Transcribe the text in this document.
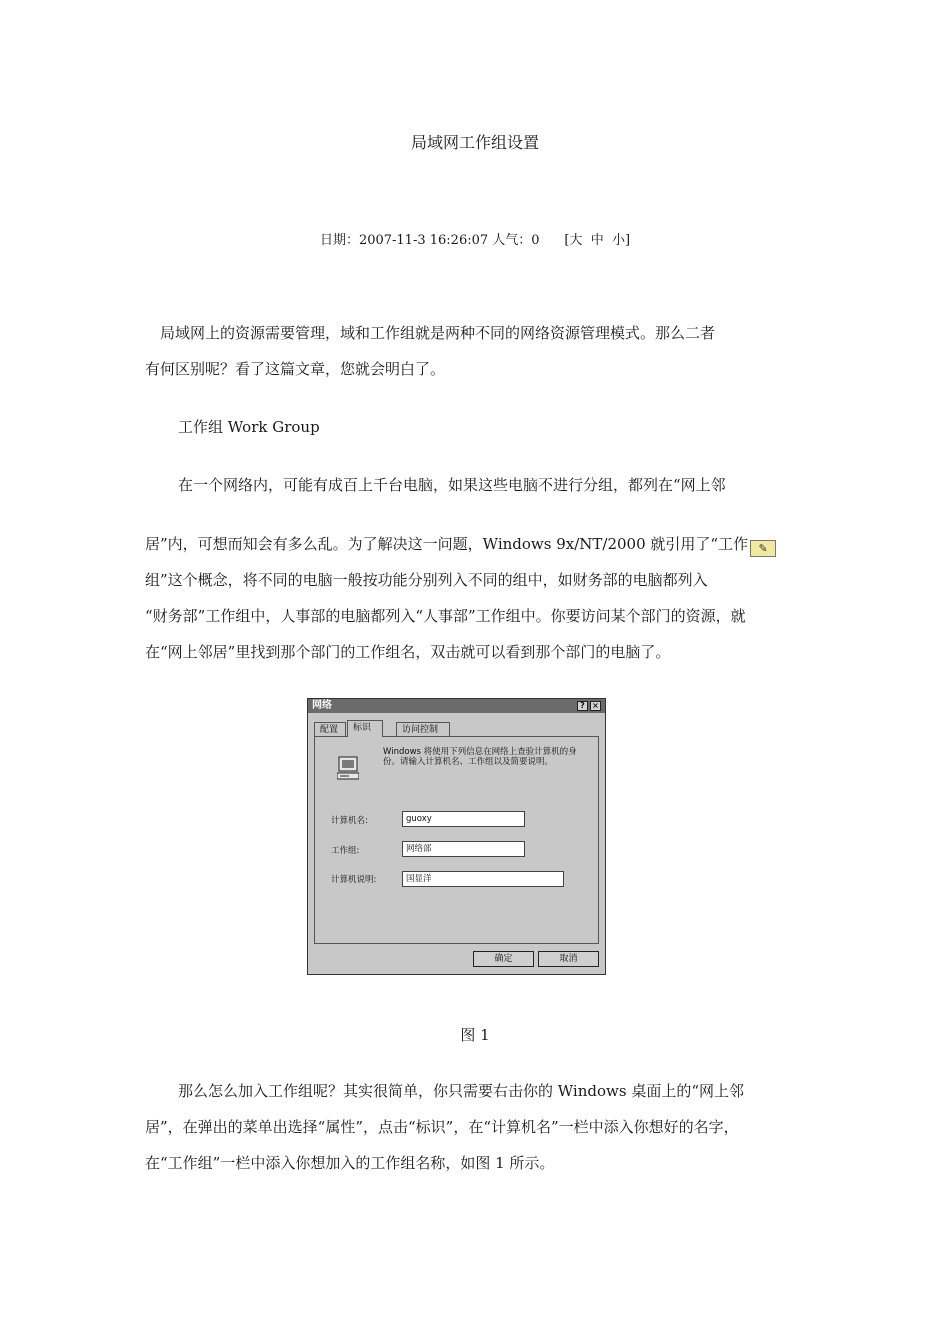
局域网工作组设置
日期：2007-11-3 16:26:07 人气：0 [大  中  小]
局域网上的资源需要管理，域和工作组就是两种不同的网络资源管理模式。那么二者
有何区别呢？看了这篇文章，您就会明白了。
工作组 Work Group
在一个网络内，可能有成百上千台电脑，如果这些电脑不进行分组，都列在“网上邻
居”内，可想而知会有多么乱。为了解决这一问题，Windows 9x/NT/2000 就引用了“工作 ✎
组”这个概念，将不同的电脑一般按功能分别列入不同的组中，如财务部的电脑都列入
“财务部”工作组中，人事部的电脑都列入“人事部”工作组中。你要访问某个部门的资源，就
在“网上邻居”里找到那个部门的工作组名，双击就可以看到那个部门的电脑了。
网络	? ×
配置	标识	访问控制
Windows 将使用下列信息在网络上查验计算机的身份。请输入计算机名、工作组以及简要说明。
计算机名:	guoxy
工作组:	网络部
计算机说明:	国显洋
确定	取消
图 1
那么怎么加入工作组呢？其实很简单，你只需要右击你的 Windows 桌面上的“网上邻
居”，在弹出的菜单出选择“属性”，点击“标识”，在“计算机名”一栏中添入你想好的名字，
在“工作组”一栏中添入你想加入的工作组名称，如图 1 所示。
